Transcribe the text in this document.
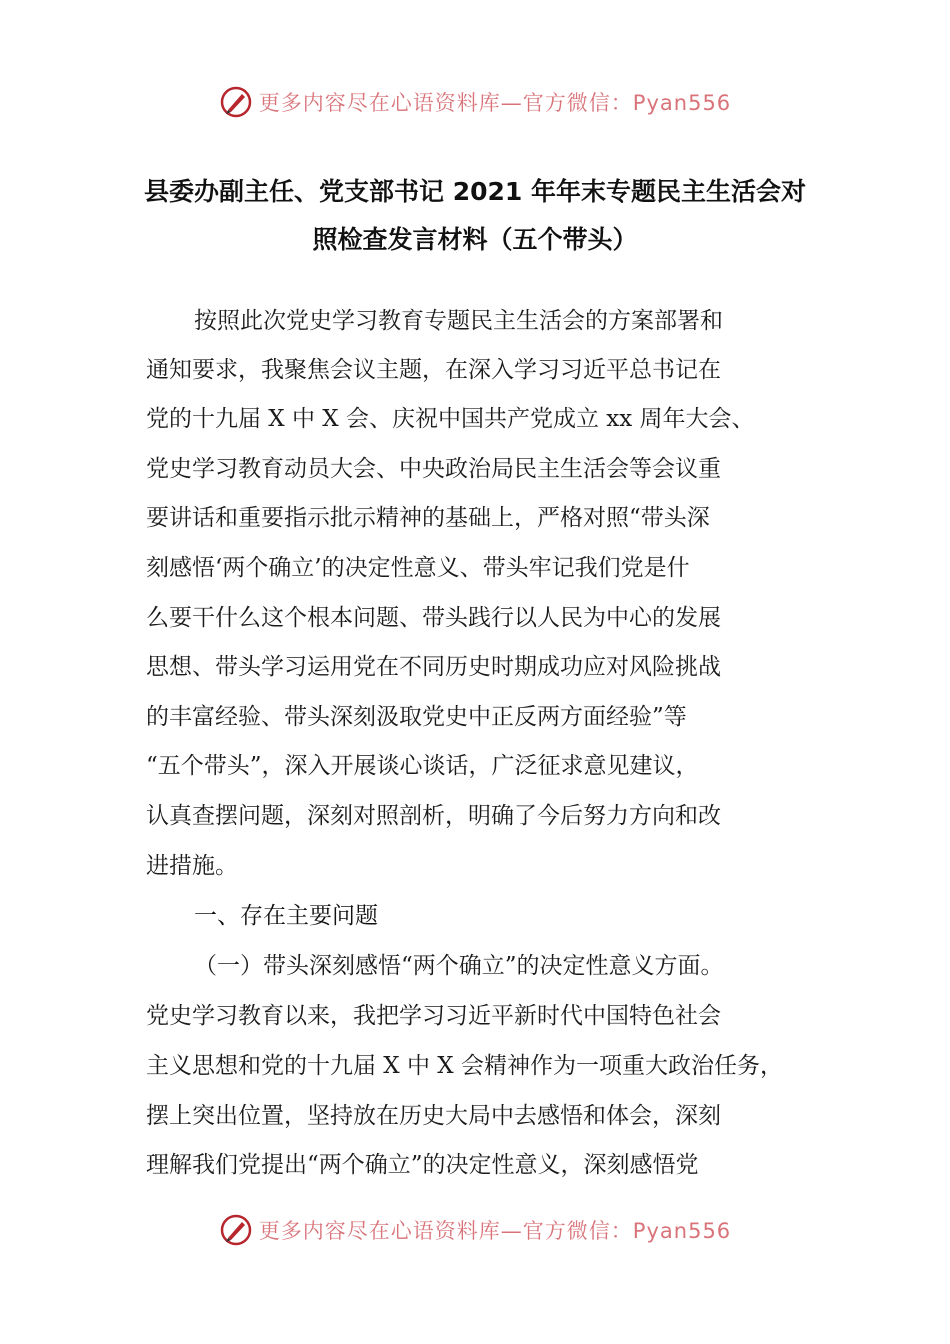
更多内容尽在心语资料库—官方微信：Pyan556
县委办副主任、党支部书记 2021 年年末专题民主生活会对
照检查发言材料（五个带头）
按照此次党史学习教育专题民主生活会的方案部署和
通知要求，我聚焦会议主题，在深入学习习近平总书记在
党的十九届 X 中 X 会、庆祝中国共产党成立 xx 周年大会、
党史学习教育动员大会、中央政治局民主生活会等会议重
要讲话和重要指示批示精神的基础上，严格对照“带头深
刻感悟‘两个确立’的决定性意义、带头牢记我们党是什
么要干什么这个根本问题、带头践行以人民为中心的发展
思想、带头学习运用党在不同历史时期成功应对风险挑战
的丰富经验、带头深刻汲取党史中正反两方面经验”等
“五个带头”，深入开展谈心谈话，广泛征求意见建议，
认真查摆问题，深刻对照剖析，明确了今后努力方向和改
进措施。
一、存在主要问题
（一）带头深刻感悟“两个确立”的决定性意义方面。
党史学习教育以来，我把学习习近平新时代中国特色社会
主义思想和党的十九届 X 中 X 会精神作为一项重大政治任务，
摆上突出位置，坚持放在历史大局中去感悟和体会，深刻
理解我们党提出“两个确立”的决定性意义，深刻感悟党
更多内容尽在心语资料库—官方微信：Pyan556
